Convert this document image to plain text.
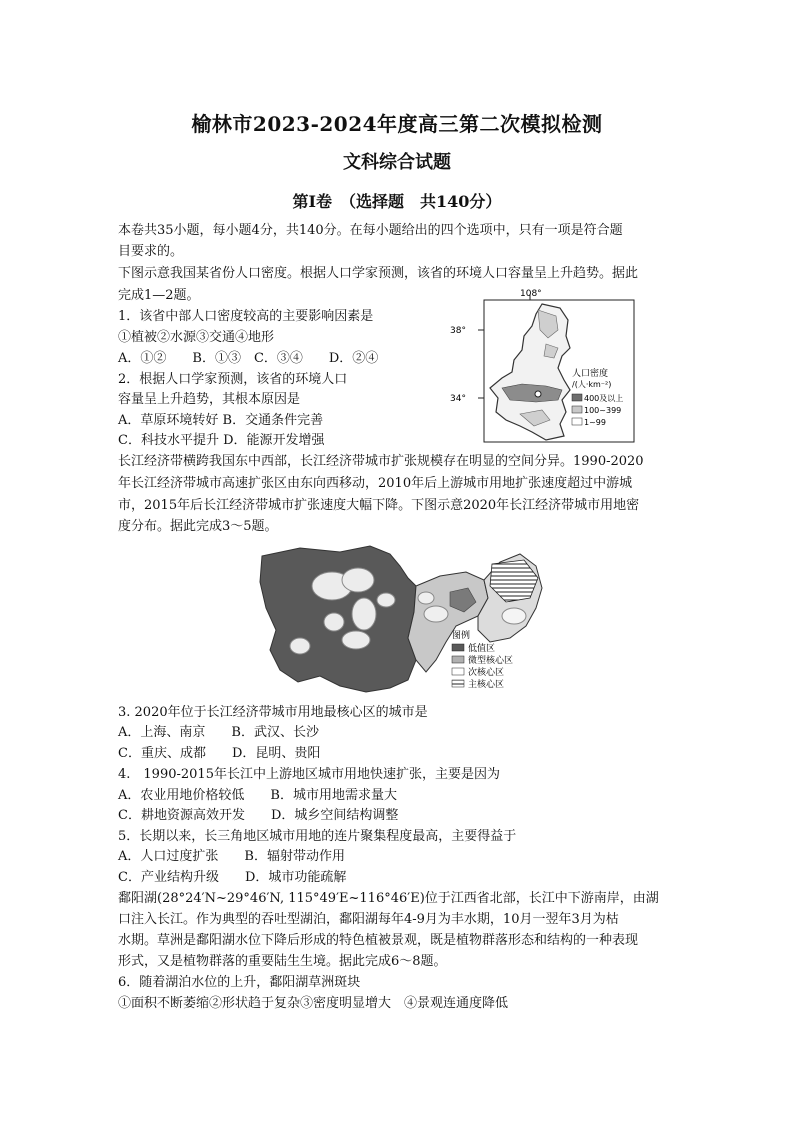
榆林市2023-2024年度高三第二次模拟检测
文科综合试题
第Ⅰ卷　（选择题　共140分）
本卷共35小题，每小题4分，共140分。在每小题给出的四个选项中，只有一项是符合题
目要求的。
下图示意我国某省份人口密度。根据人口学家预测，该省的环境人口容量呈上升趋势。据此
完成1—2题。
1．该省中部人口密度较高的主要影响因素是
①植被②水源③交通④地形
A．①②　　B．①③　C．③④　　D．②④
2．根据人口学家预测，该省的环境人口
容量呈上升趋势，其根本原因是
A．草原环境转好 B．交通条件完善
C．科技水平提升 D．能源开发增强
108°
38°
34°
人口密度
/(人·km⁻²)
400及以上
100~399
1~99
长江经济带横跨我国东中西部，长江经济带城市扩张规模存在明显的空间分异。1990-2020
年长江经济带城市高速扩张区由东向西移动，2010年后上游城市用地扩张速度超过中游城
市，2015年后长江经济带城市扩张速度大幅下降。下图示意2020年长江经济带城市用地密
度分布。据此完成3～5题。
图例
低值区
微型核心区
次核心区
主核心区
3. 2020年位于长江经济带城市用地最核心区的城市是
A．上海、南京　　B．武汉、长沙
C．重庆、成都　　D．昆明、贵阳
4.　1990-2015年长江中上游地区城市用地快速扩张，主要是因为
A．农业用地价格较低　　B．城市用地需求量大
C．耕地资源高效开发　　D．城乡空间结构调整
5．长期以来，长三角地区城市用地的连片聚集程度最高，主要得益于
A．人口过度扩张　　B．辐射带动作用
C．产业结构升级　　D．城市功能疏解
鄱阳湖(28°24′N~29°46′N, 115°49′E~116°46′E)位于江西省北部，长江中下游南岸，由湖
口注入长江。作为典型的吞吐型湖泊，鄱阳湖每年4-9月为丰水期，10月一翌年3月为枯
水期。草洲是鄱阳湖水位下降后形成的特色植被景观，既是植物群落形态和结构的一种表现
形式，又是植物群落的重要陆生生境。据此完成6～8题。
6．随着湖泊水位的上升，鄱阳湖草洲斑块
①面积不断萎缩②形状趋于复杂③密度明显增大　④景观连通度降低
